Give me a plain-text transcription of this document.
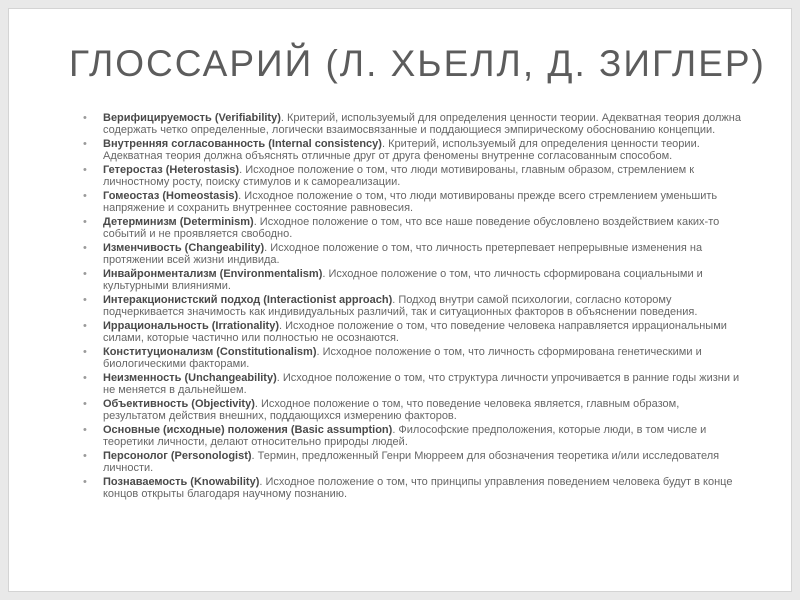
ГЛОССАРИЙ (Л. ХЬЕЛЛ, Д. ЗИГЛЕР)
• Верифицируемость (Verifiability). Критерий, используемый для определения ценности теории. Адекватная теория должна содержать четко определенные, логически взаимосвязанные и поддающиеся эмпирическому обоснованию концепции.
• Внутренняя согласованность (Internal consistency). Критерий, используемый для определения ценности теории. Адекватная теория должна объяснять отличные друг от друга феномены внутренне согласованным способом.
• Гетеростаз (Heterostasis). Исходное положение о том, что люди мотивированы, главным образом, стремлением к личностному росту, поиску стимулов и к самореализации.
• Гомеостаз (Homeostasis). Исходное положение о том, что люди мотивированы прежде всего стремлением уменьшить напряжение и сохранить внутреннее состояние равновесия.
• Детерминизм (Determinism). Исходное положение о том, что все наше поведение обусловлено воздействием каких-то событий и не проявляется свободно.
• Изменчивость (Changeability). Исходное положение о том, что личность претерпевает непрерывные изменения на протяжении всей жизни индивида.
• Инвайронментализм (Environmentalism). Исходное положение о том, что личность сформирована социальными и культурными влияниями.
• Интеракционистский подход (Interactionist approach). Подход внутри самой психологии, согласно которому подчеркивается значимость как индивидуальных различий, так и ситуационных факторов в объяснении поведения.
• Иррациональность (Irrationality). Исходное положение о том, что поведение человека направляется иррациональными силами, которые частично или полностью не осознаются.
• Конституционализм (Constitutionalism). Исходное положение о том, что личность сформирована генетическими и биологическими факторами.
• Неизменность (Unchangeability). Исходное положение о том, что структура личности упрочивается в ранние годы жизни и не меняется в дальнейшем.
• Объективность (Objectivity). Исходное положение о том, что поведение человека является, главным образом, результатом действия внешних, поддающихся измерению факторов.
• Основные (исходные) положения (Basic assumption). Философские предположения, которые люди, в том числе и теоретики личности, делают относительно природы людей.
• Персонолог (Personologist). Термин, предложенный Генри Мюрреем для обозначения теоретика и/или исследователя личности.
• Познаваемость (Knowability). Исходное положение о том, что принципы управления поведением человека будут в конце концов открыты благодаря научному познанию.
